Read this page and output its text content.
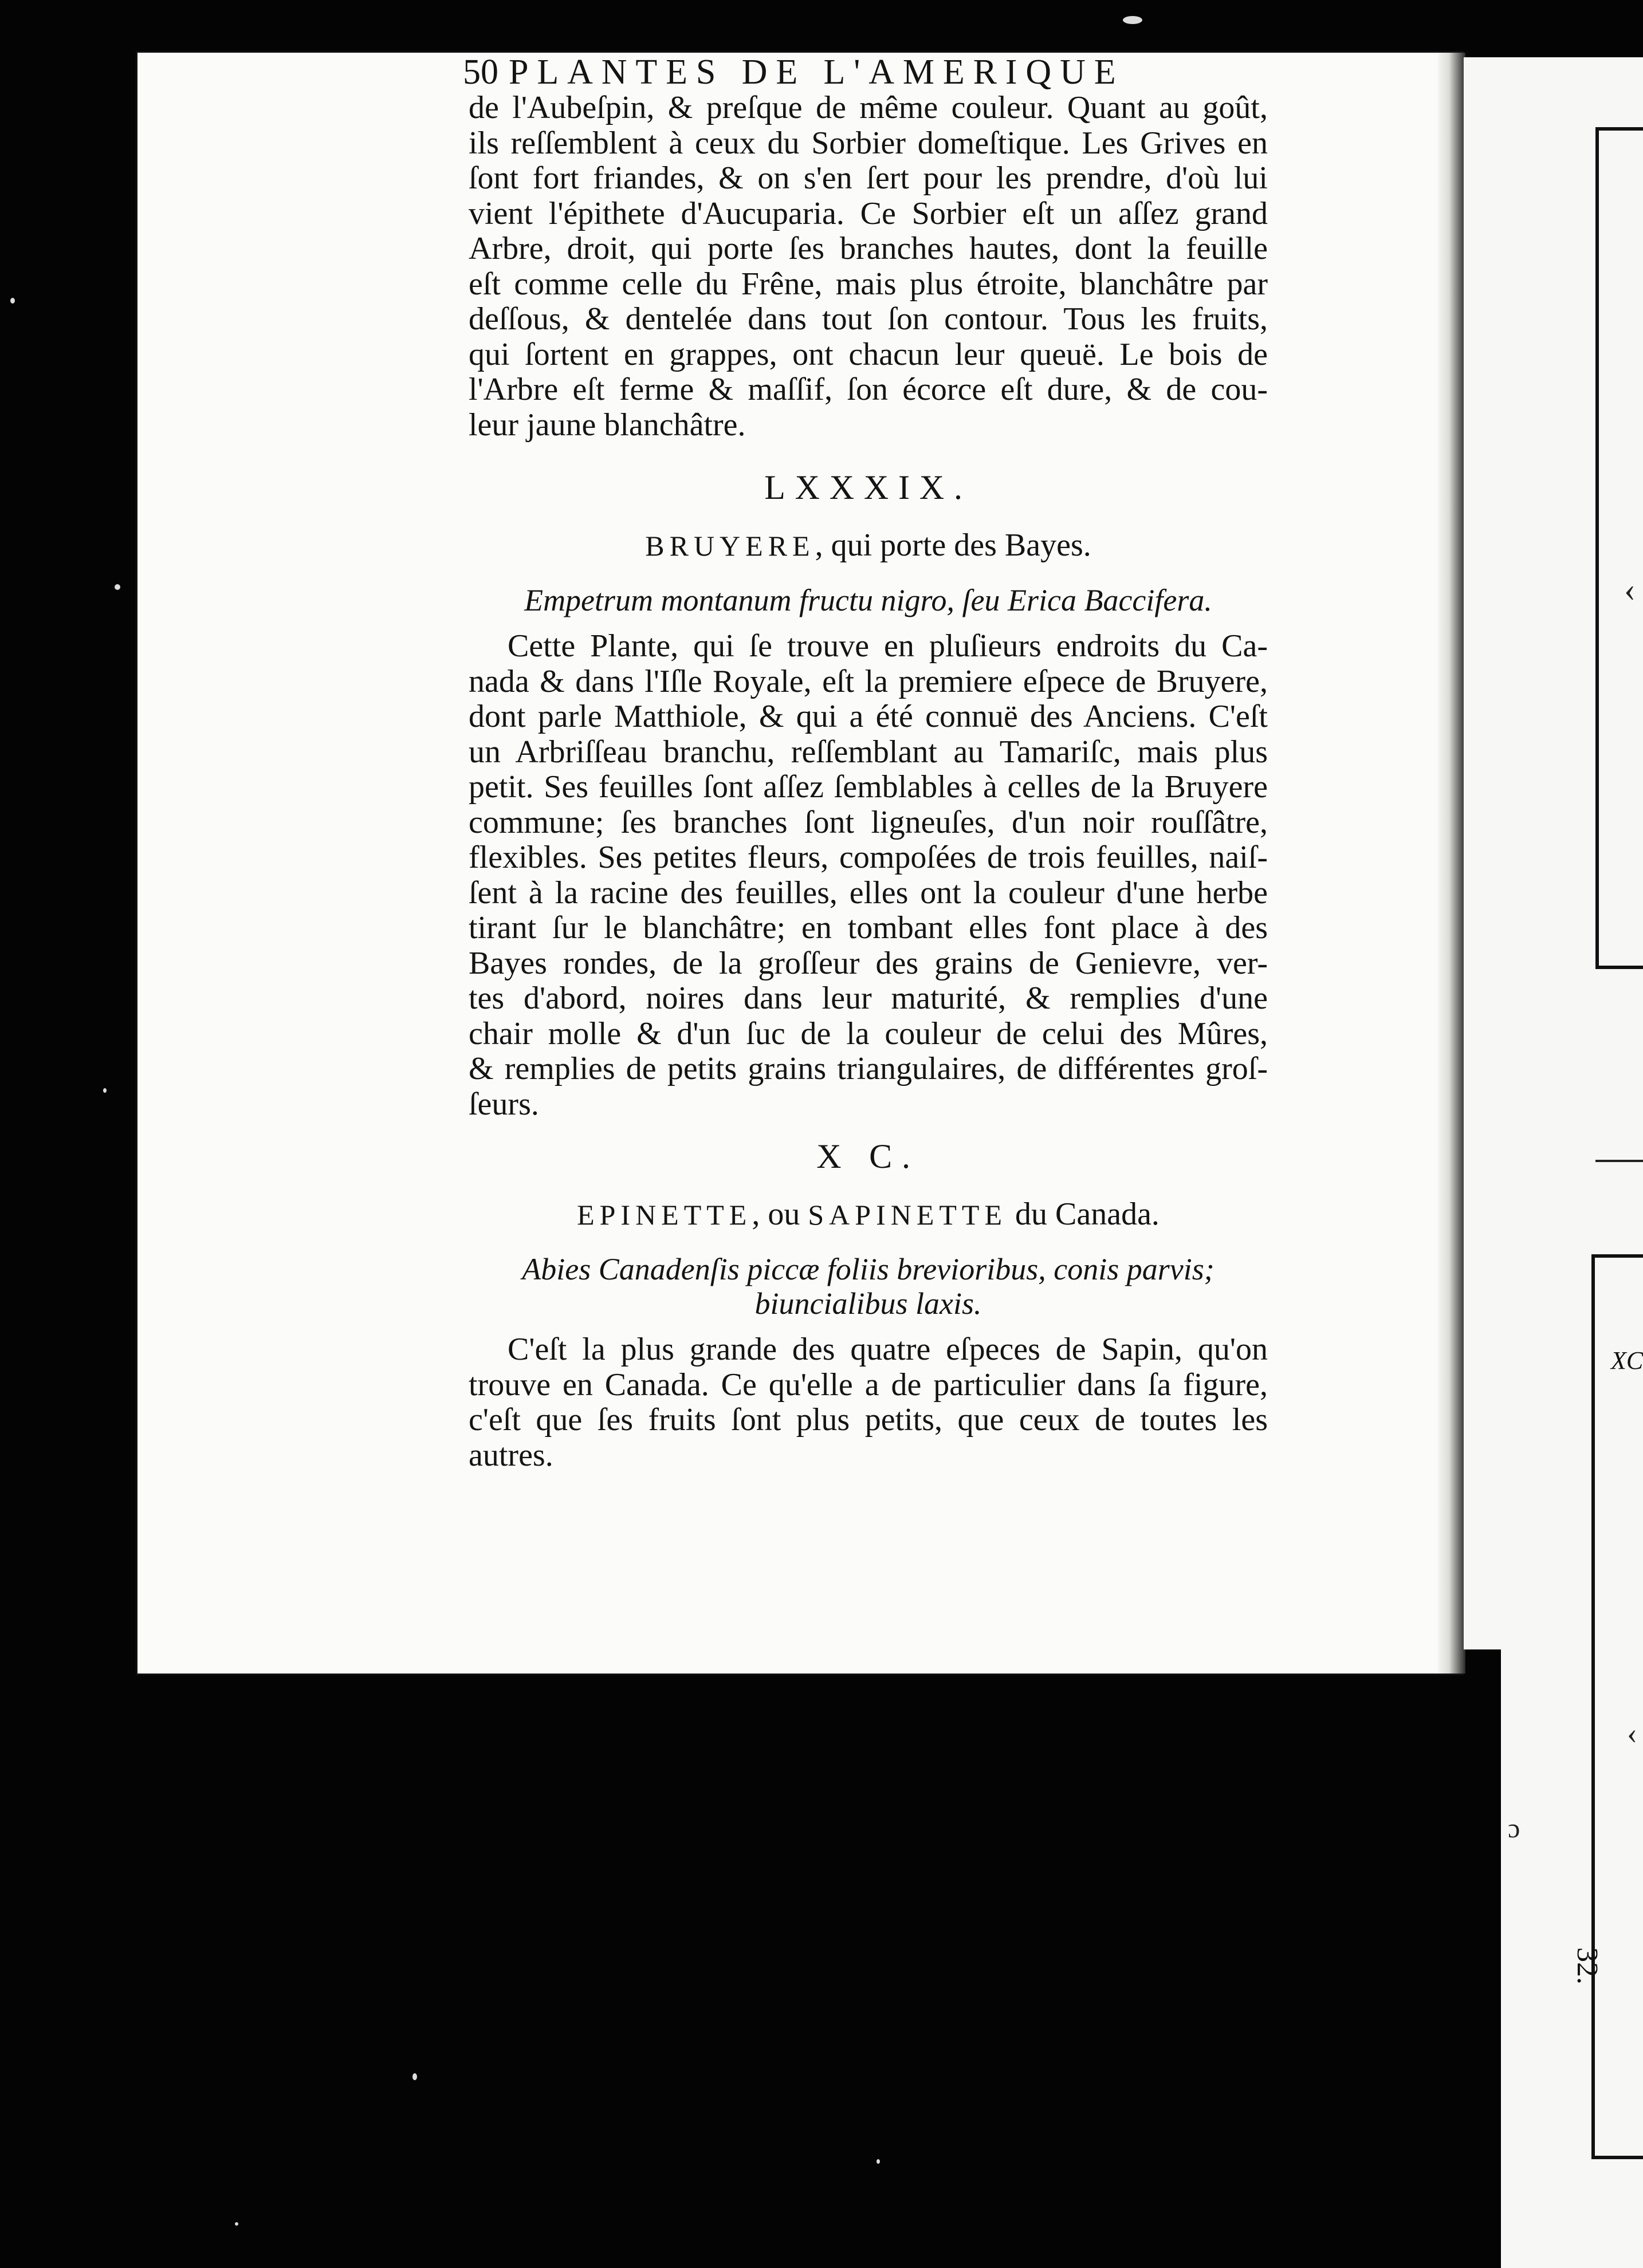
XC
32.
‹
‹
ɔ
50 PLANTES DE L'AMERIQUE
de l'Aubeſpin, & preſque de même couleur. Quant au goût,
ils reſſemblent à ceux du Sorbier domeſtique. Les Grives en
ſont fort friandes, & on s'en ſert pour les prendre, d'où lui
vient l'épithete d'Aucuparia. Ce Sorbier eſt un aſſez grand
Arbre, droit, qui porte ſes branches hautes, dont la feuille
eſt comme celle du Frêne, mais plus étroite, blanchâtre par
deſſous, & dentelée dans tout ſon contour. Tous les fruits,
qui ſortent en grappes, ont chacun leur queuë. Le bois de
l'Arbre eſt ferme & maſſif, ſon écorce eſt dure, & de cou-
leur jaune blanchâtre.
LXXXIX.
BRUYERE, qui porte des Bayes.
Empetrum montanum fructu nigro, ſeu Erica Baccifera.
Cette Plante, qui ſe trouve en pluſieurs endroits du Ca-
nada & dans l'Iſle Royale, eſt la premiere eſpece de Bruyere,
dont parle Matthiole, & qui a été connuë des Anciens. C'eſt
un Arbriſſeau branchu, reſſemblant au Tamariſc, mais plus
petit. Ses feuilles ſont aſſez ſemblables à celles de la Bruyere
commune; ſes branches ſont ligneuſes, d'un noir rouſſâtre,
flexibles. Ses petites fleurs, compoſées de trois feuilles, naiſ-
ſent à la racine des feuilles, elles ont la couleur d'une herbe
tirant ſur le blanchâtre; en tombant elles font place à des
Bayes rondes, de la groſſeur des grains de Genievre, ver-
tes d'abord, noires dans leur maturité, & remplies d'une
chair molle & d'un ſuc de la couleur de celui des Mûres,
& remplies de petits grains triangulaires, de différentes groſ-
ſeurs.
X C.
EPINETTE, ou SAPINETTE du Canada.
Abies Canadenſis piccæ foliis brevioribus, conis parvis;
biuncialibus laxis.
C'eſt la plus grande des quatre eſpeces de Sapin, qu'on
trouve en Canada. Ce qu'elle a de particulier dans ſa figure,
c'eſt que ſes fruits ſont plus petits, que ceux de toutes les
autres.
